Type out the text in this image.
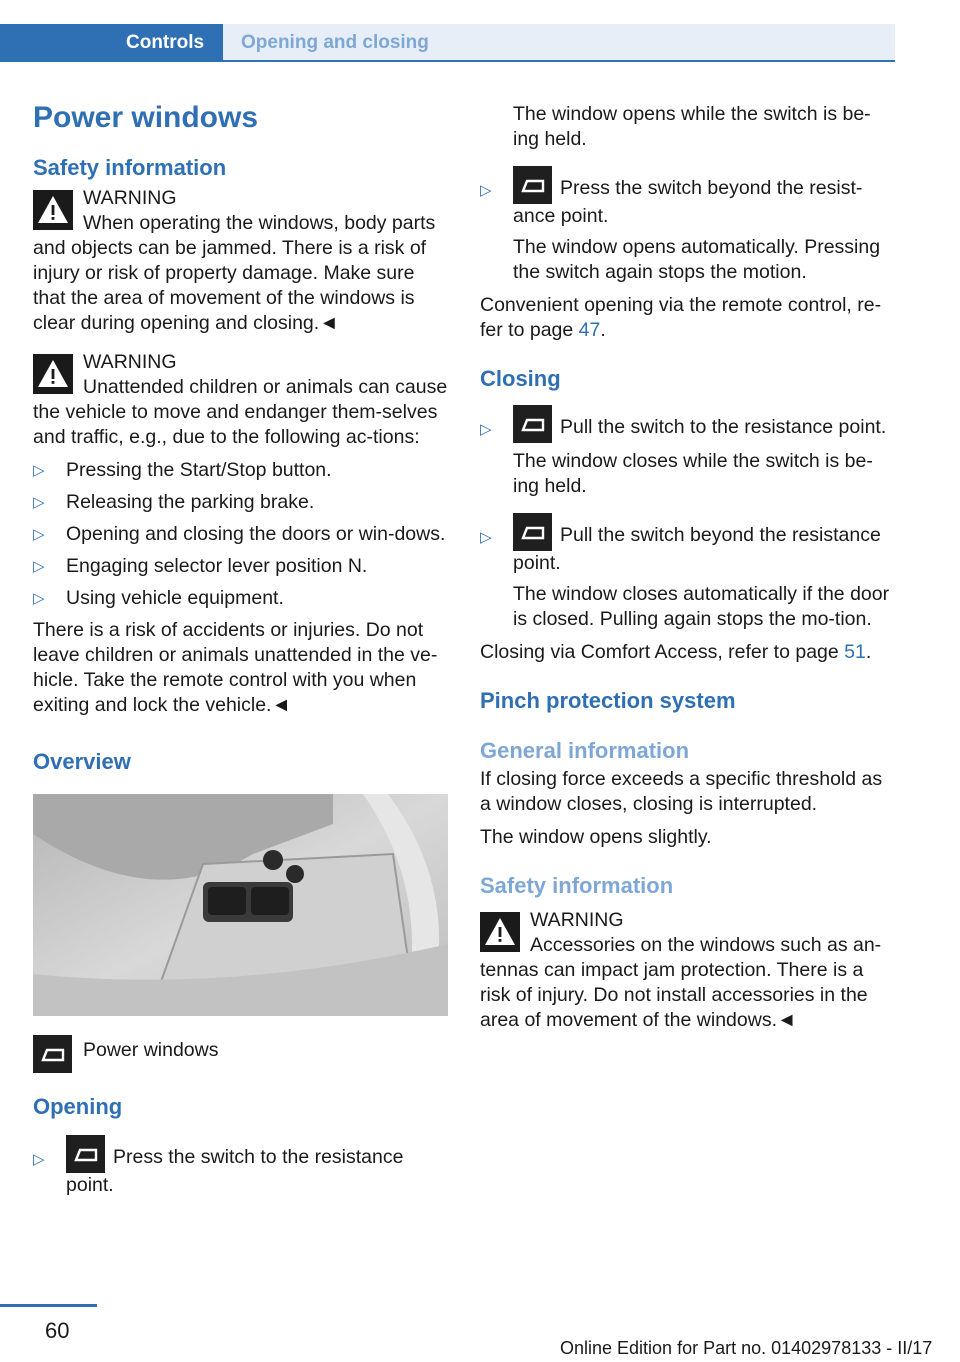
Controls	Opening and closing
Power windows
Safety information
WARNING
When operating the windows, body parts and objects can be jammed. There is a risk of injury or risk of property damage. Make sure that the area of movement of the windows is clear during opening and closing.◄
WARNING
Unattended children or animals can cause the vehicle to move and endanger them-selves and traffic, e.g., due to the following ac-tions:
▷ Pressing the Start/Stop button.
▷ Releasing the parking brake.
▷ Opening and closing the doors or win-dows.
▷ Engaging selector lever position N.
▷ Using vehicle equipment.

There is a risk of accidents or injuries. Do not leave children or animals unattended in the ve-hicle. Take the remote control with you when exiting and lock the vehicle.◄

Overview
Power windows
Opening
▷	Press the switch to the resistance point.

The window opens while the switch is be-ing held.

▷	Press the switch beyond the resist-ance point.

The window opens automatically. Pressing the switch again stops the motion.

Convenient opening via the remote control, re-fer to page 47.

Closing
▷	Pull the switch to the resistance point.

The window closes while the switch is be-ing held.

▷	Pull the switch beyond the resistance point.

The window closes automatically if the door is closed. Pulling again stops the mo-tion.

Closing via Comfort Access, refer to page 51.

Pinch protection system
General information

If closing force exceeds a specific threshold as a window closes, closing is interrupted.

The window opens slightly.

Safety information
WARNING
Accessories on the windows such as an-tennas can impact jam protection. There is a risk of injury. Do not install accessories in the area of movement of the windows.◄
60
Online Edition for Part no. 01402978133 - II/17
